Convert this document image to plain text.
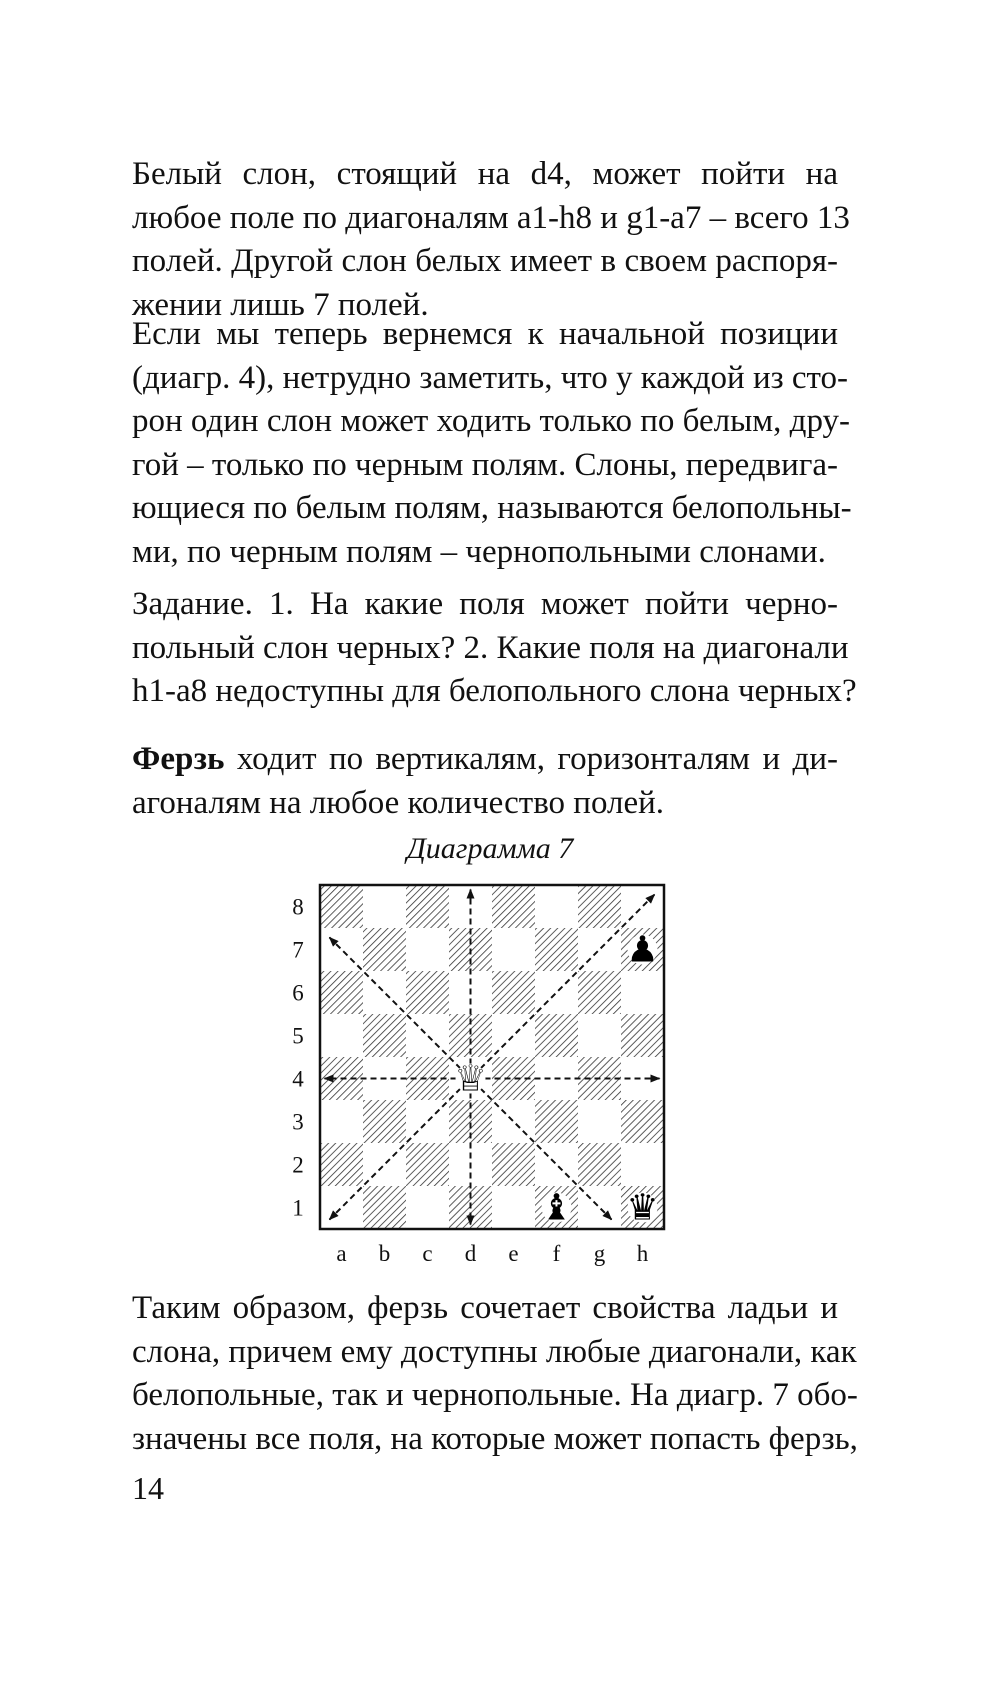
Белый слон, стоящий на d4, может пойти на
любое поле по диагоналям a1-h8 и g1-a7 – всего 13
полей. Другой слон белых имеет в своем распоря-
жении лишь 7 полей.
Если мы теперь вернемся к начальной позиции
(диагр. 4), нетрудно заметить, что у каждой из сто-
рон один слон может ходить только по белым, дру-
гой – только по черным полям. Слоны, передвига-
ющиеся по белым полям, называются белопольны-
ми, по черным полям – чернопольными слонами.
Задание. 1. На какие поля может пойти черно-
польный слон черных? 2. Какие поля на диагонали
h1-a8 недоступны для белопольного слона черных?
Ферзь ходит по вертикалям, горизонталям и ди-
агоналям на любое количество полей.
Диаграмма 7
♕
♟
♝ ♛
8
7
6
5
4
3
2
1
a b c d e f g h
Таким образом, ферзь сочетает свойства ладьи и
слона, причем ему доступны любые диагонали, как
белопольные, так и чернопольные. На диагр. 7 обо-
значены все поля, на которые может попасть ферзь,
14
